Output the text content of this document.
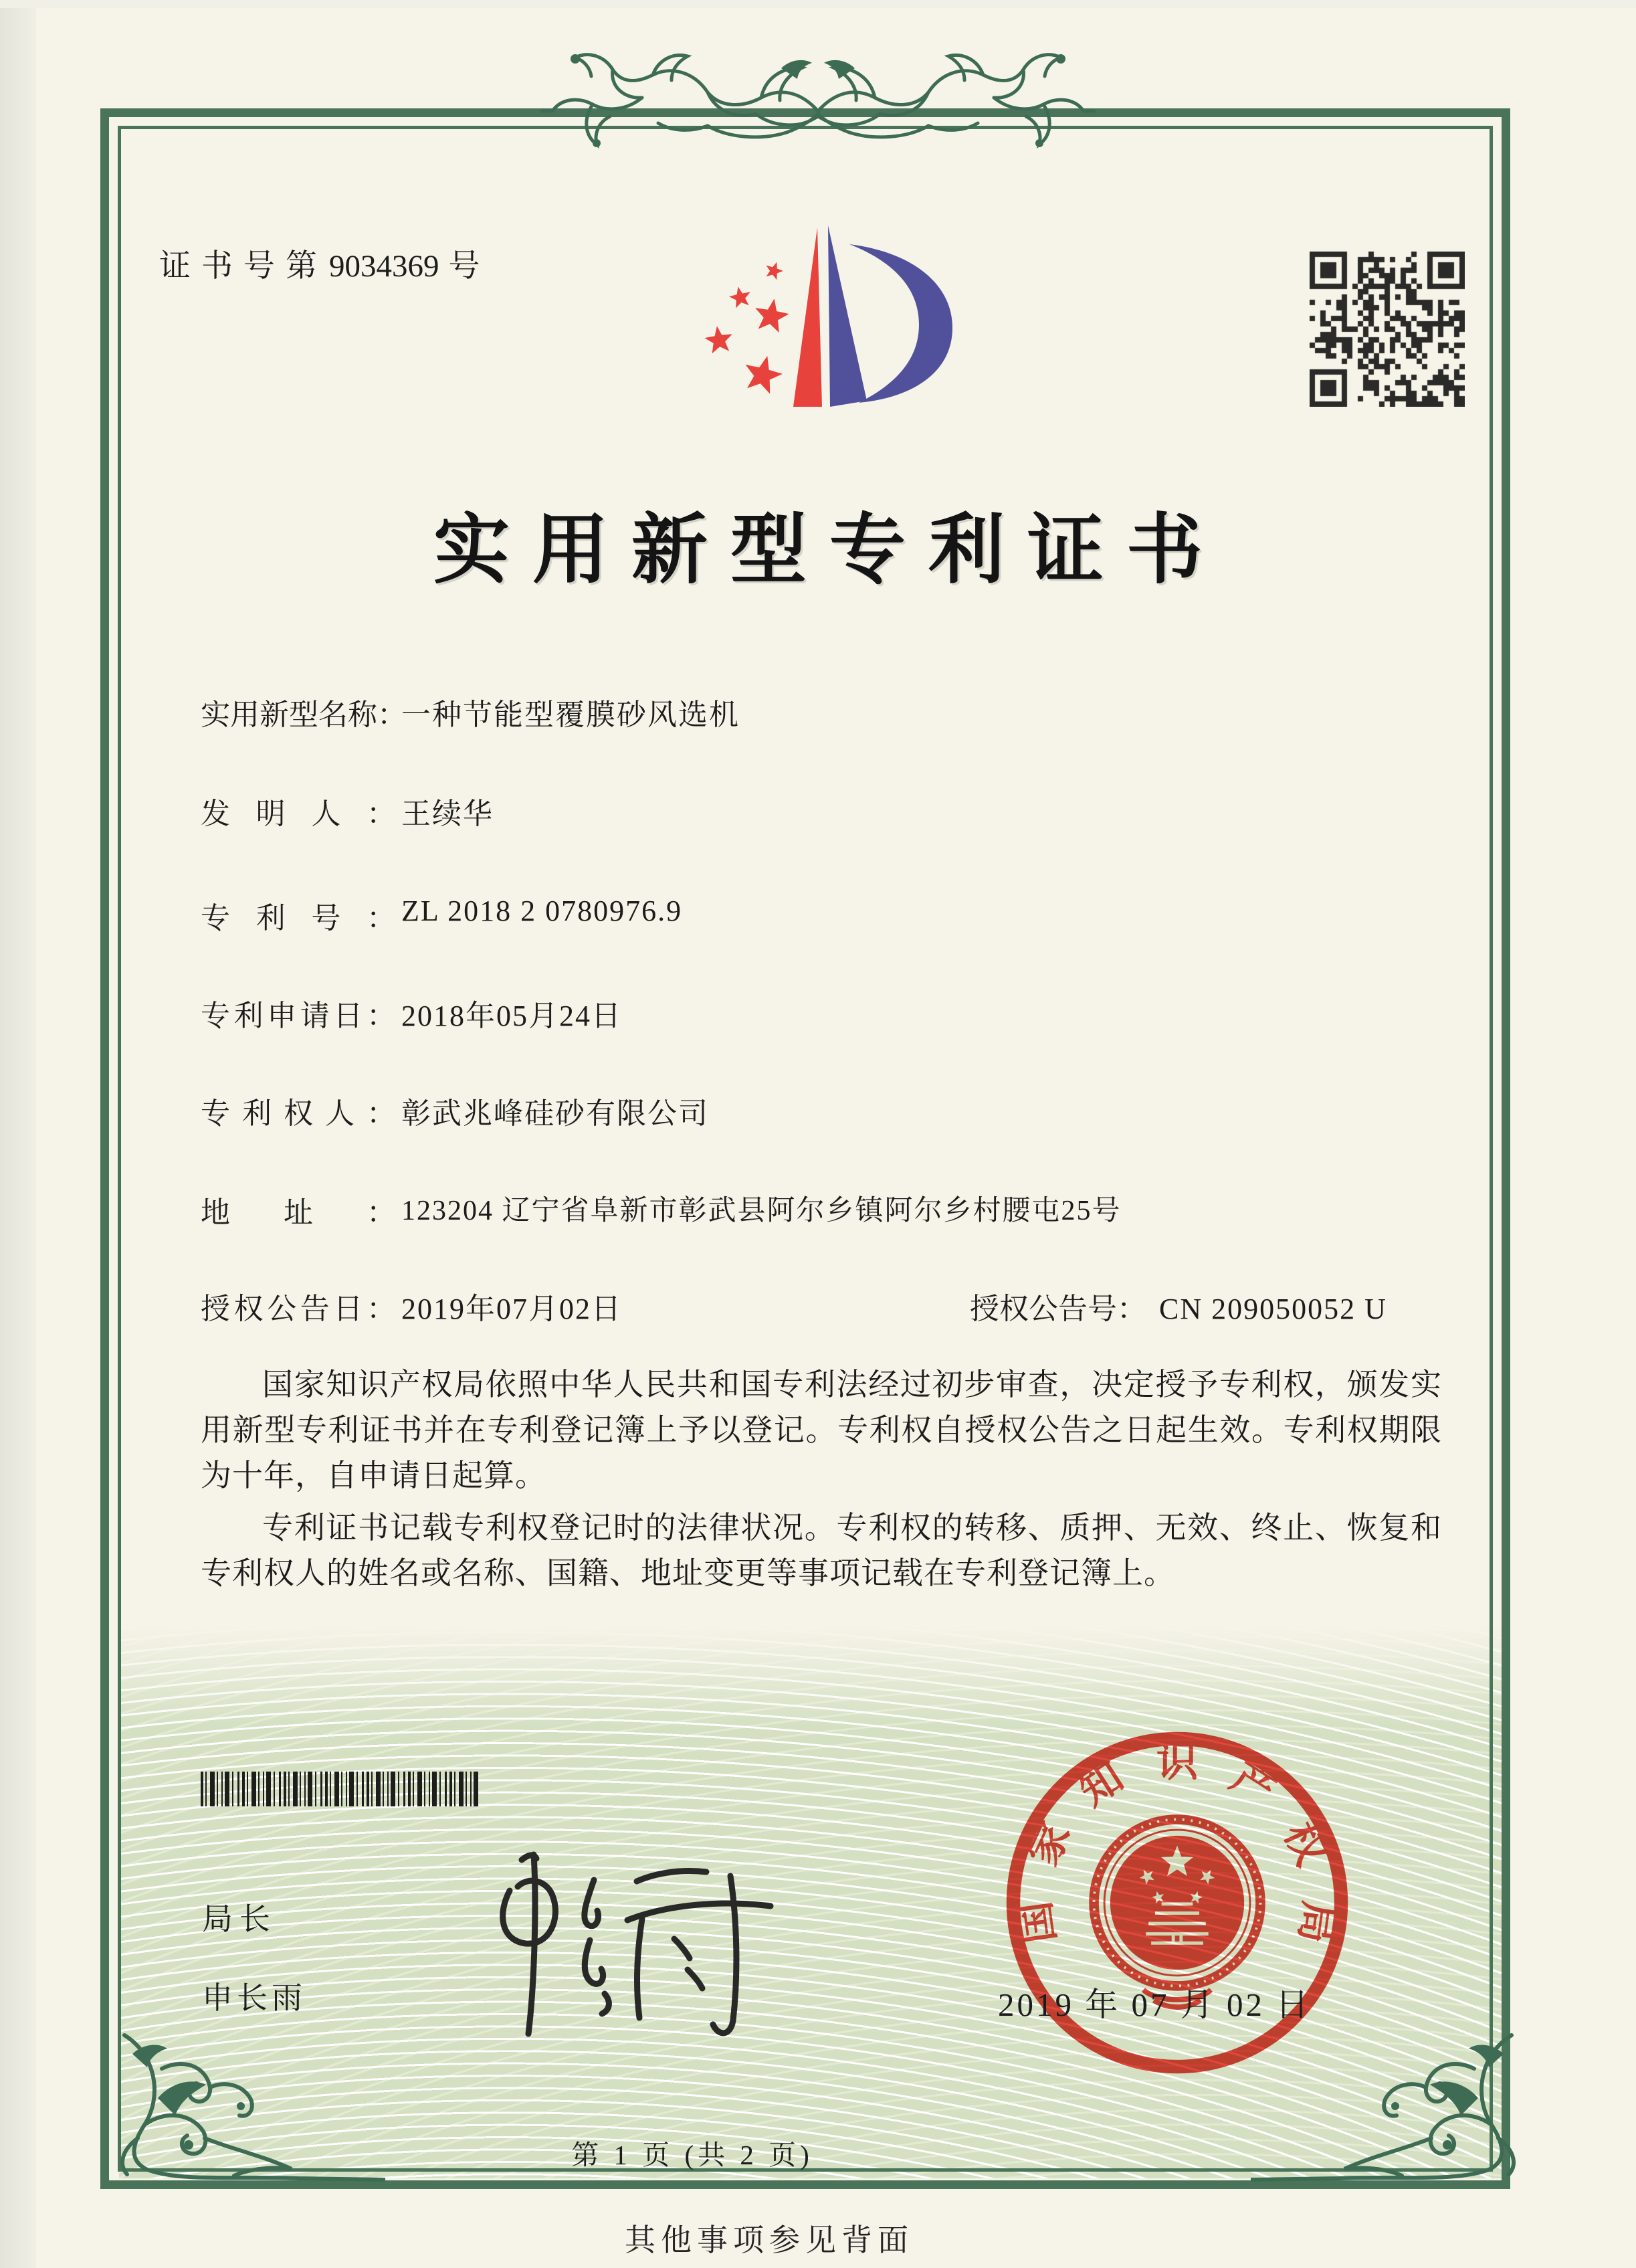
证书号第9034369 号
实用新型专利证书
实用新型名称：
一种节能型覆膜砂风选机
发明人： 王续华
专利号： ZL 2018 2 0780976.9
专利申请日： 2018年05月24日
专利权人： 彰武兆峰硅砂有限公司
地址： 123204 辽宁省阜新市彰武县阿尔乡镇阿尔乡村腰屯25号
授权公告日： 2019年07月02日	授权公告号： CN 209050052 U

国家知识产权局依照中华人民共和国专利法经过初步审查，决定授予专利权，颁发实用新型专利证书并在专利登记簿上予以登记。专利权自授权公告之日起生效。专利权期限为十年，自申请日起算。

专利证书记载专利权登记时的法律状况。专利权的转移、质押、无效、终止、恢复和专利权人的姓名或名称、国籍、地址变更等事项记载在专利登记簿上。

局长
申长雨
国家知识产权局
2019 年 07 月 02 日
第 1 页 (共 2 页)
其他事项参见背面
